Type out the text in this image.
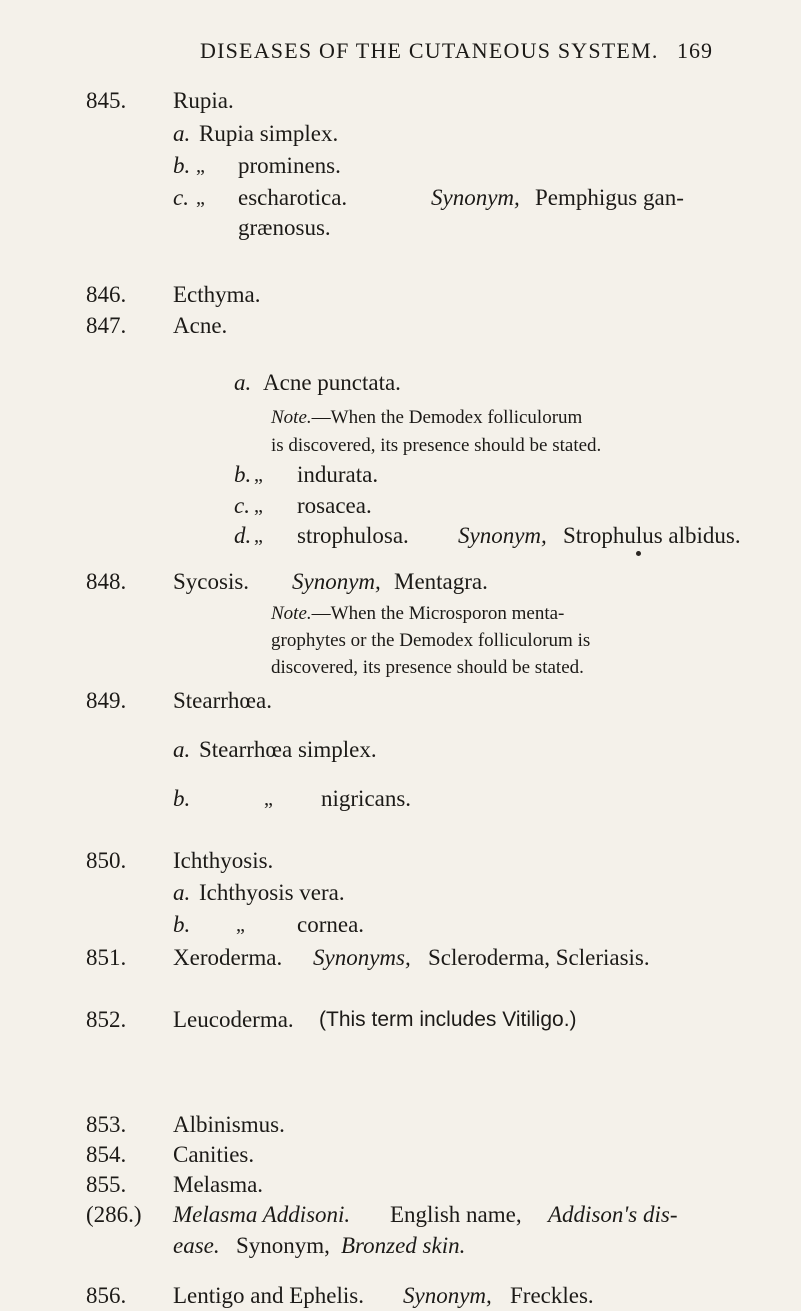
DISEASES OF THE CUTANEOUS SYSTEM. 169
845. Rupia.
a. Rupia simplex.
b. „ prominens.
c. „ escharotica.	Synonym, Pemphigus gan-
grænosus.
846. Ecthyma.
847. Acne.
a. Acne punctata.
Note.—When the Demodex folliculorum
is discovered, its presence should be stated.
b. „ indurata.
c. „ rosacea.
d. „ strophulosa. Synonym, Strophulus albidus.
848. Sycosis. Synonym, Mentagra.
Note.—When the Microsporon menta-
grophytes or the Demodex folliculorum is
discovered, its presence should be stated.
849. Stearrhœa.
a. Stearrhœa simplex.
b.	„ nigricans.
850. Ichthyosis.
a. Ichthyosis vera.
b. „ cornea.
851. Xeroderma. Synonyms, Scleroderma, Scleriasis.
852. Leucoderma. (This term includes Vitiligo.)
853. Albinismus.
854. Canities.
855. Melasma.
(286.) Melasma Addisoni. English name, Addison's dis-
ease. Synonym, Bronzed skin.
856. Lentigo and Ephelis. Synonym, Freckles.
